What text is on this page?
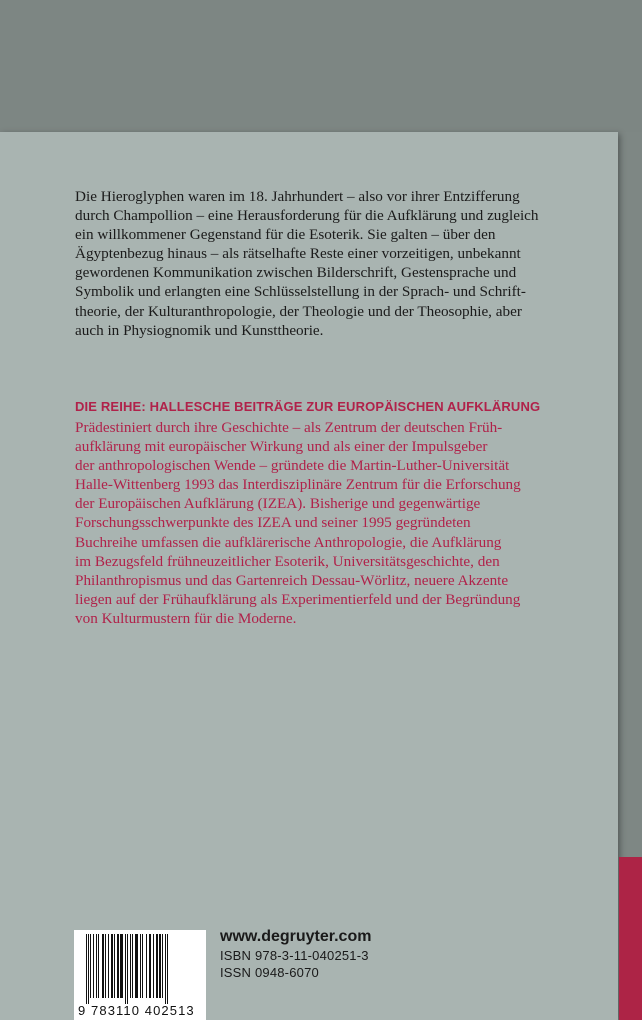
Die Hieroglyphen waren im 18. Jahrhundert – also vor ihrer Entzifferung
durch Champollion – eine Herausforderung für die Aufklärung und zugleich
ein willkommener Gegenstand für die Esoterik. Sie galten – über den
Ägyptenbezug hinaus – als rätselhafte Reste einer vorzeitigen, unbekannt
gewordenen Kommunikation zwischen Bilderschrift, Gestensprache und
Symbolik und erlangten eine Schlüsselstellung in der Sprach- und Schrift-
theorie, der Kulturanthropologie, der Theologie und der Theosophie, aber
auch in Physiognomik und Kunsttheorie.

DIE REIHE: HALLESCHE BEITRÄGE ZUR EUROPÄISCHEN AUFKLÄRUNG

Prädestiniert durch ihre Geschichte – als Zentrum der deutschen Früh-
aufklärung mit europäischer Wirkung und als einer der Impulsgeber
der anthropologischen Wende – gründete die Martin-Luther-Universität
Halle-Wittenberg 1993 das Interdisziplinäre Zentrum für die Erforschung
der Europäischen Aufklärung (IZEA). Bisherige und gegenwärtige
Forschungsschwerpunkte des IZEA und seiner 1995 gegründeten
Buchreihe umfassen die aufklärerische Anthropologie, die Aufklärung
im Bezugsfeld frühneuzeitlicher Esoterik, Universitätsgeschichte, den
Philanthropismus und das Gartenreich Dessau-Wörlitz, neuere Akzente
liegen auf der Frühaufklärung als Experimentierfeld und der Begründung
von Kulturmustern für die Moderne.

9 783110 402513
www.degruyter.com
ISBN 978-3-11-040251-3
ISSN 0948-6070
